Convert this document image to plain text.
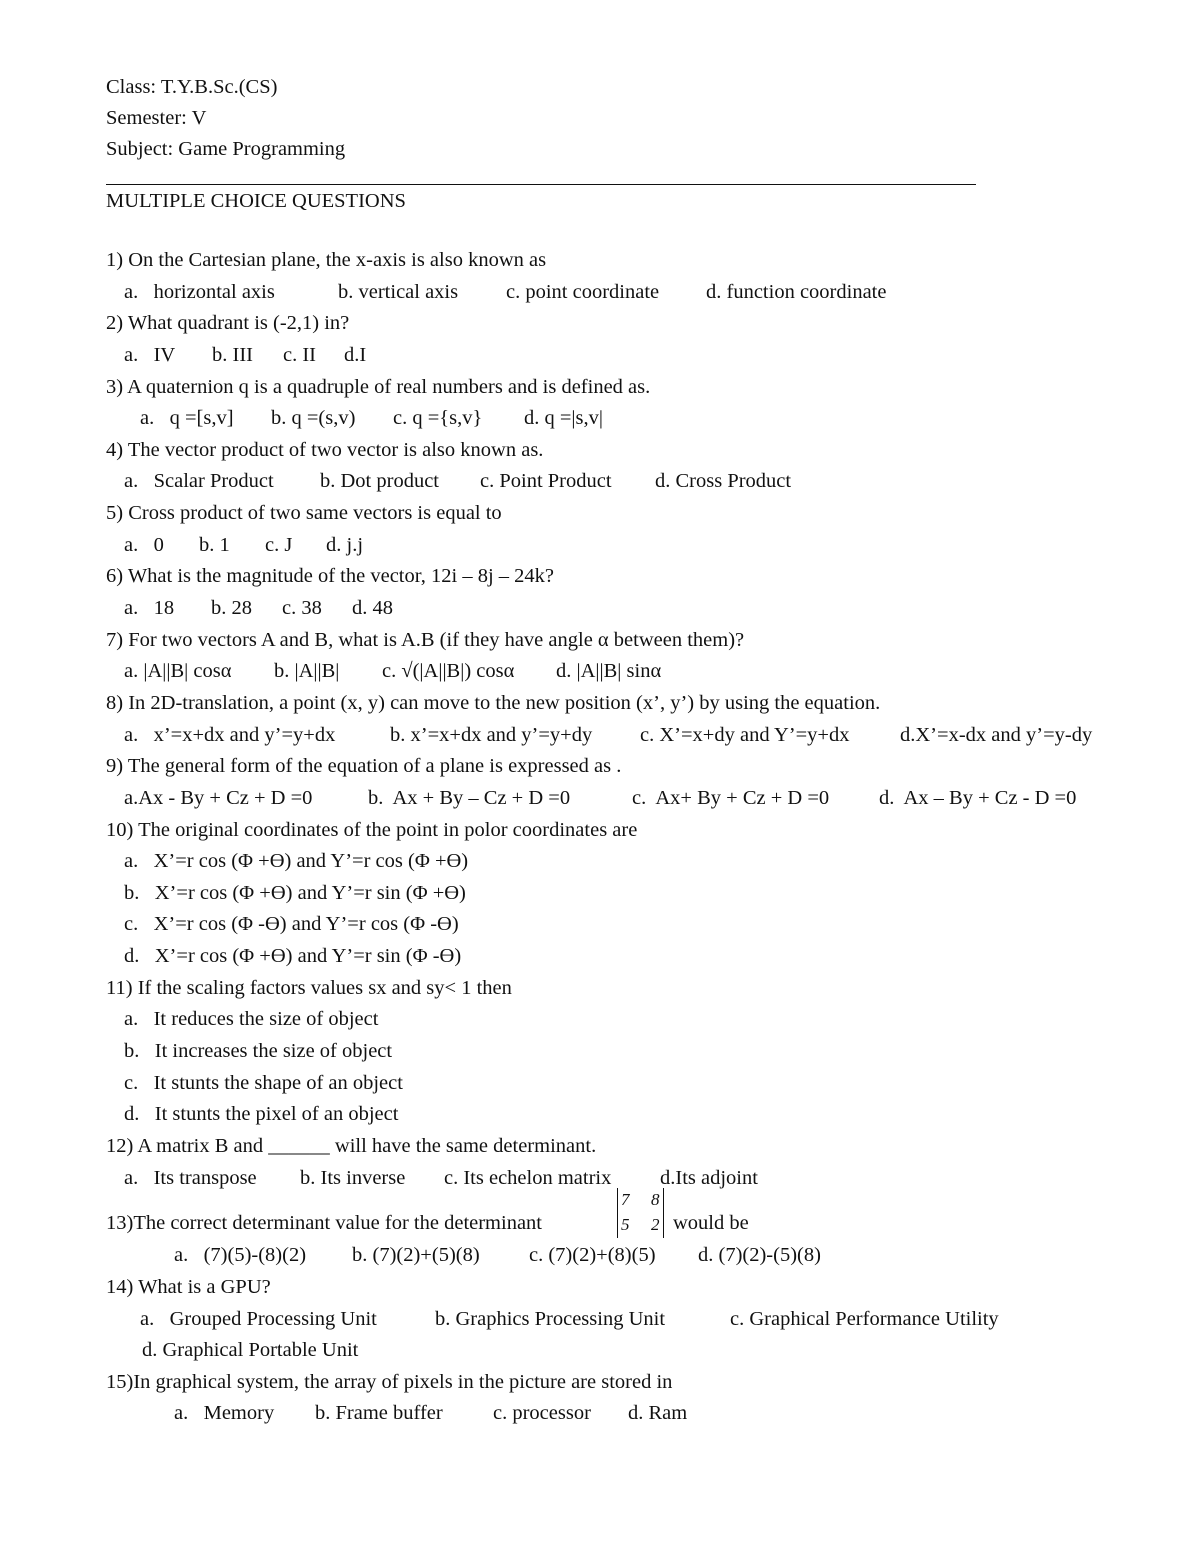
Class: T.Y.B.Sc.(CS)
Semester: V
Subject: Game Programming
MULTIPLE CHOICE QUESTIONS
1) On the Cartesian plane, the x-axis is also known as
a.   horizontal axis	b. vertical axis c. point coordinate d. function coordinate
2) What quadrant is (-2,1) in?
a.   IV b. III c. II d.I
3) A quaternion q is a quadruple of real numbers and is defined as.
a.   q =[s,v] b. q =(s,v) c. q ={s,v} d. q =|s,v|
4) The vector product of two vector is also known as.
a.   Scalar Product b. Dot product c. Point Product d. Cross Product
5) Cross product of two same vectors is equal to
a.   0 b. 1 c. J d. j.j
6) What is the magnitude of the vector, 12i – 8j – 24k?
a.   18 b. 28 c. 38 d. 48
7) For two vectors A and B, what is A.B (if they have angle α between them)?
a. |A||B| cosα b. |A||B| c. √(|A||B|) cosα d. |A||B| sinα
8) In 2D-translation, a point (x, y) can move to the new position (x’, y’) by using the equation.
a.   x’=x+dx and y’=y+dx	b. x’=x+dx and y’=y+dy c. X’=x+dy and Y’=y+dx d.X’=x-dx and y’=y-dy
9) The general form of the equation of a plane is expressed as .
a.Ax - By + Cz + D =0	b.  Ax + By – Cz + D =0	c.  Ax+ By + Cz + D =0 d.  Ax – By + Cz - D =0
10) The original coordinates of the point in polor coordinates are
a.   X’=r cos (Φ +Ө) and Y’=r cos (Φ +Ө)
b.   X’=r cos (Φ +Ө) and Y’=r sin (Φ +Ө)
c.   X’=r cos (Φ -Ө) and Y’=r cos (Φ -Ө)
d.   X’=r cos (Φ +Ө) and Y’=r sin (Φ -Ө)
11) If the scaling factors values sx and sy< 1 then
a.   It reduces the size of object
b.   It increases the size of object
c.   It stunts the shape of an object
d.   It stunts the pixel of an object
12) A matrix B and ______ will have the same determinant.
a.   Its transpose b. Its inverse c. Its echelon matrix d.Its adjoint
13)The correct determinant value for the determinant
7 8
5 2 would be
a.   (7)(5)-(8)(2) b. (7)(2)+(5)(8) c. (7)(2)+(8)(5) d. (7)(2)-(5)(8)
14) What is a GPU?
a.   Grouped Processing Unit	b. Graphics Processing Unit	c. Graphical Performance Utility
d. Graphical Portable Unit
15)In graphical system, the array of pixels in the picture are stored in
a.   Memory b. Frame buffer c. processor d. Ram
